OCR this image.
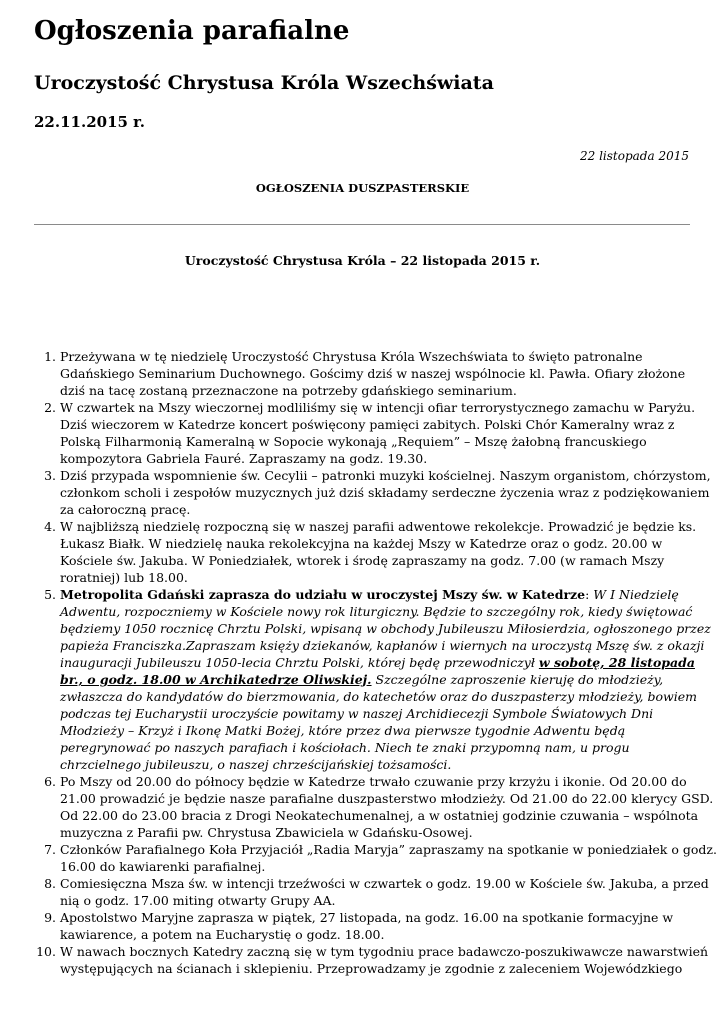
Ogłoszenia parafialne
Uroczystość Chrystusa Króla Wszechświata
22.11.2015 r.
22 listopada 2015
OGŁOSZENIA DUSZPASTERSKIE
Uroczystość Chrystusa Króla – 22 listopada 2015 r.
1. Przeżywana w tę niedzielę Uroczystość Chrystusa Króla Wszechświata to święto patronalne
Gdańskiego Seminarium Duchownego. Gościmy dziś w naszej wspólnocie kl. Pawła. Ofiary złożone
dziś na tacę zostaną przeznaczone na potrzeby gdańskiego seminarium.
2. W czwartek na Mszy wieczornej modliliśmy się w intencji ofiar terrorystycznego zamachu w Paryżu.
Dziś wieczorem w Katedrze koncert poświęcony pamięci zabitych. Polski Chór Kameralny wraz z
Polską Filharmonią Kameralną w Sopocie wykonają „Requiem” – Mszę żałobną francuskiego
kompozytora Gabriela Fauré. Zapraszamy na godz. 19.30.
3. Dziś przypada wspomnienie św. Cecylii – patronki muzyki kościelnej. Naszym organistom, chórzystom,
członkom scholi i zespołów muzycznych już dziś składamy serdeczne życzenia wraz z podziękowaniem
za całoroczną pracę.
4. W najbliższą niedzielę rozpoczną się w naszej parafii adwentowe rekolekcje. Prowadzić je będzie ks.
Łukasz Białk. W niedzielę nauka rekolekcyjna na każdej Mszy w Katedrze oraz o godz. 20.00 w
Kościele św. Jakuba. W Poniedziałek, wtorek i środę zapraszamy na godz. 7.00 (w ramach Mszy
roratniej) lub 18.00.
5. Metropolita Gdański zaprasza do udziału w uroczystej Mszy św. w Katedrze: W I Niedzielę
Adwentu, rozpoczniemy w Kościele nowy rok liturgiczny. Będzie to szczególny rok, kiedy świętować
będziemy 1050 rocznicę Chrztu Polski, wpisaną w obchody Jubileuszu Miłosierdzia, ogłoszonego przez
papieża Franciszka.Zapraszam księży dziekanów, kapłanów i wiernych na uroczystą Mszę św. z okazji
inauguracji Jubileuszu 1050-lecia Chrztu Polski, której będę przewodniczył w sobotę, 28 listopada
br., o godz. 18.00 w Archikatedrze Oliwskiej. Szczególne zaproszenie kieruję do młodzieży,
zwłaszcza do kandydatów do bierzmowania, do katechetów oraz do duszpasterzy młodzieży, bowiem
podczas tej Eucharystii uroczyście powitamy w naszej Archidiecezji Symbole Światowych Dni
Młodzieży – Krzyż i Ikonę Matki Bożej, które przez dwa pierwsze tygodnie Adwentu będą
peregrynować po naszych parafiach i kościołach. Niech te znaki przypomną nam, u progu
chrzcielnego jubileuszu, o naszej chrześcijańskiej tożsamości.
6. Po Mszy od 20.00 do północy będzie w Katedrze trwało czuwanie przy krzyżu i ikonie. Od 20.00 do
21.00 prowadzić je będzie nasze parafialne duszpasterstwo młodzieży. Od 21.00 do 22.00 klerycy GSD.
Od 22.00 do 23.00 bracia z Drogi Neokatechumenalnej, a w ostatniej godzinie czuwania – wspólnota
muzyczna z Parafii pw. Chrystusa Zbawiciela w Gdańsku-Osowej.
7. Członków Parafialnego Koła Przyjaciół „Radia Maryja” zapraszamy na spotkanie w poniedziałek o godz.
16.00 do kawiarenki parafialnej.
8. Comiesięczna Msza św. w intencji trzeźwości w czwartek o godz. 19.00 w Kościele św. Jakuba, a przed
nią o godz. 17.00 miting otwarty Grupy AA.
9. Apostolstwo Maryjne zaprasza w piątek, 27 listopada, na godz. 16.00 na spotkanie formacyjne w
kawiarence, a potem na Eucharystię o godz. 18.00.
10. W nawach bocznych Katedry zaczną się w tym tygodniu prace badawczo-poszukiwawcze nawarstwień
występujących na ścianach i sklepieniu. Przeprowadzamy je zgodnie z zaleceniem Wojewódzkiego
